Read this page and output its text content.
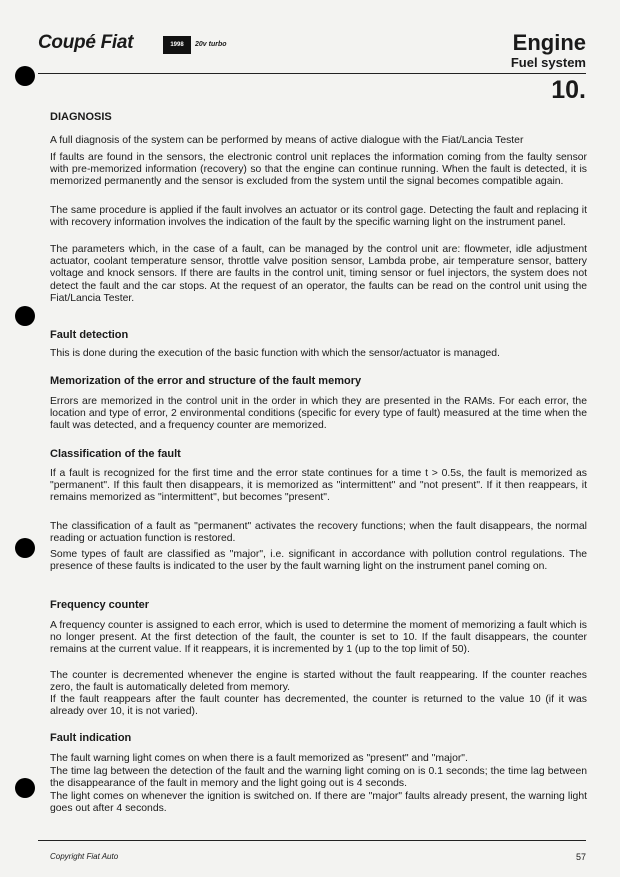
Coupé Fiat	1998	20v turbo	Engine
Fuel system
10.
DIAGNOSIS

A full diagnosis of the system can be performed by means of active dialogue with the Fiat/Lancia Tester

If faults are found in the sensors, the electronic control unit replaces the information coming from the faulty sensor with pre-memorized information (recovery) so that the engine can continue running. When the fault is detected, it is memorized permanently and the sensor is excluded from the system until the signal becomes compatible again.

The same procedure is applied if the fault involves an actuator or its control gage. Detecting the fault and replacing it with recovery information involves the indication of the fault by the specific warning light on the instrument panel.

The parameters which, in the case of a fault, can be managed by the control unit are: flowmeter, idle adjustment actuator, coolant temperature sensor, throttle valve position sensor, Lambda probe, air temperature sensor, battery voltage and knock sensors. If there are faults in the control unit, timing sensor or fuel injectors, the system does not detect the fault and the car stops. At the request of an operator, the faults can be read on the control unit using the Fiat/Lancia Tester.

Fault detection

This is done during the execution of the basic function with which the sensor/actuator is managed.

Memorization of the error and structure of the fault memory

Errors are memorized in the control unit in the order in which they are presented in the RAMs. For each error, the location and type of error, 2 environmental conditions (specific for every type of fault) measured at the time when the fault was detected, and a frequency counter are memorized.

Classification of the fault

If a fault is recognized for the first time and the error state continues for a time t > 0.5s, the fault is memorized as "permanent". If this fault then disappears, it is memorized as "intermittent" and "not present". If it then reappears, it remains memorized as "intermittent", but becomes "present".

The classification of a fault as "permanent" activates the recovery functions; when the fault disappears, the normal reading or actuation function is restored.

Some types of fault are classified as "major", i.e. significant in accordance with pollution control regulations. The presence of these faults is indicated to the user by the fault warning light on the instrument panel coming on.

Frequency counter

A frequency counter is assigned to each error, which is used to determine the moment of memorizing a fault which is no longer present. At the first detection of the fault, the counter is set to 10. If the fault disappears, the counter remains at the current value. If it reappears, it is incremented by 1 (up to the top limit of 50).

The counter is decremented whenever the engine is started without the fault reappearing. If the counter reaches zero, the fault is automatically deleted from memory.

If the fault reappears after the fault counter has decremented, the counter is returned to the value 10 (if it was already over 10, it is not varied).

Fault indication

The fault warning light comes on when there is a fault memorized as "present" and "major".

The time lag between the detection of the fault and the warning light coming on is 0.1 seconds; the time lag between the disappearance of the fault in memory and the light going out is 4 seconds.

The light comes on whenever the ignition is switched on. If there are "major" faults already present, the warning light goes out after 4 seconds.

Copyright Fiat Auto	57
